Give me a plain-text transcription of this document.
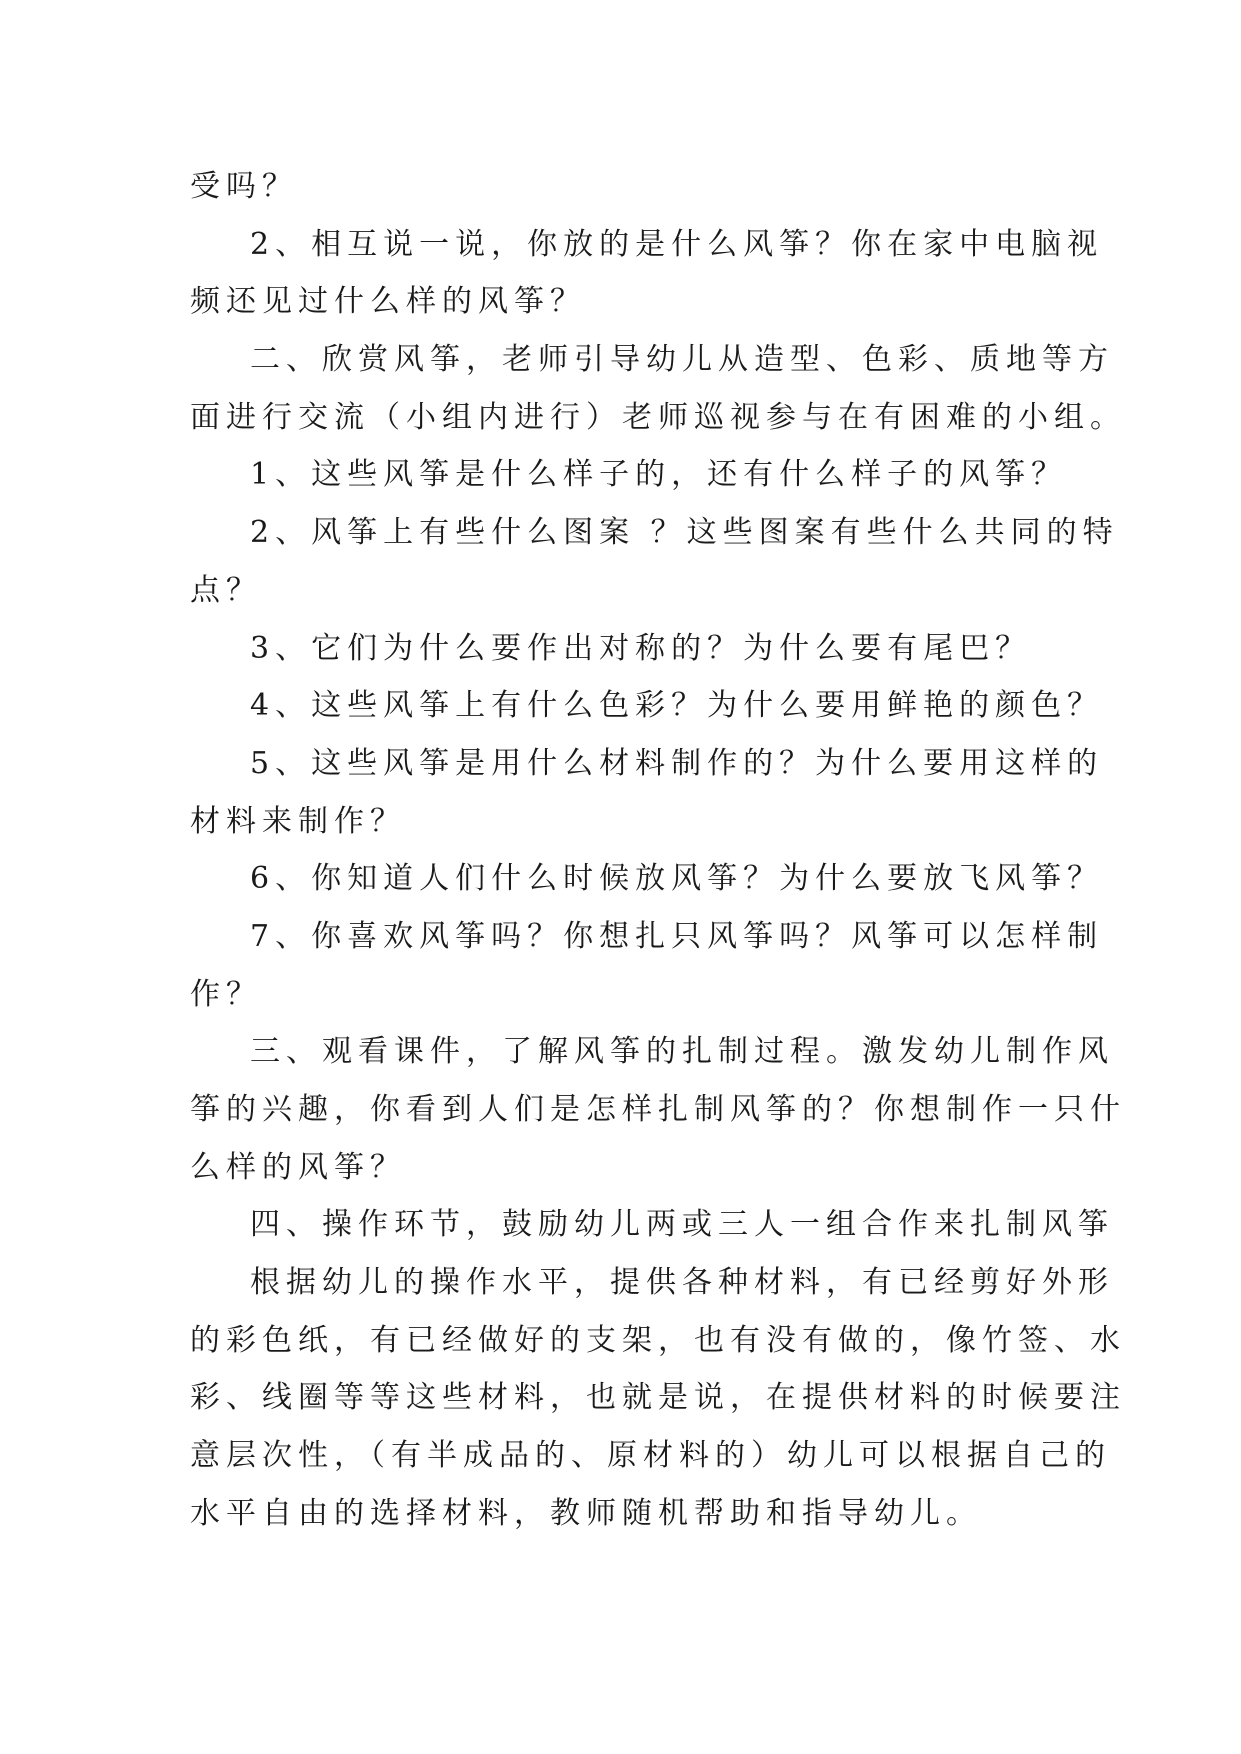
受吗？
2、相互说一说，你放的是什么风筝？你在家中电脑视
频还见过什么样的风筝？
二、欣赏风筝，老师引导幼儿从造型、色彩、质地等方
面进行交流（小组内进行）老师巡视参与在有困难的小组。
1、这些风筝是什么样子的，还有什么样子的风筝？
2、风筝上有些什么图案 ？这些图案有些什么共同的特
点？
3、它们为什么要作出对称的？为什么要有尾巴？
4、这些风筝上有什么色彩？为什么要用鲜艳的颜色？
5、这些风筝是用什么材料制作的？为什么要用这样的
材料来制作？
6、你知道人们什么时候放风筝？为什么要放飞风筝？
7、你喜欢风筝吗？你想扎只风筝吗？风筝可以怎样制
作？
三、观看课件，了解风筝的扎制过程。激发幼儿制作风
筝的兴趣，你看到人们是怎样扎制风筝的？你想制作一只什
么样的风筝？
四、操作环节，鼓励幼儿两或三人一组合作来扎制风筝
根据幼儿的操作水平，提供各种材料，有已经剪好外形
的彩色纸，有已经做好的支架，也有没有做的，像竹签、水
彩、线圈等等这些材料，也就是说，在提供材料的时候要注
意层次性，（有半成品的、原材料的）幼儿可以根据自己的
水平自由的选择材料，教师随机帮助和指导幼儿。
